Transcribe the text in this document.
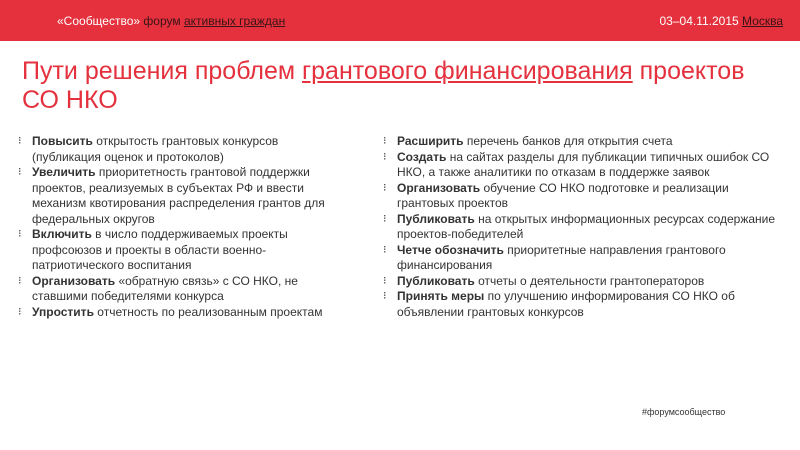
«Сообщество» форум активных граждан	03–04.11.2015 Москва
Пути решения проблем грантового финансирования проектов СО НКО
⁝ Повысить открытость грантовых конкурсов (публикация оценок и протоколов)
⁝ Увеличить приоритетность грантовой поддержки проектов, реализуемых в субъектах РФ и ввести механизм квотирования распределения грантов для федеральных округов
⁝ Включить в число поддерживаемых проекты профсоюзов и проекты в области военно-патриотического воспитания
⁝ Организовать «обратную связь» с СО НКО, не ставшими победителями конкурса
⁝ Упростить отчетность по реализованным проектам
⁝ Расширить перечень банков для открытия счета
⁝ Создать на сайтах разделы для публикации типичных ошибок СО НКО, а также аналитики по отказам в поддержке заявок
⁝ Организовать обучение СО НКО подготовке и реализации грантовых проектов
⁝ Публиковать на открытых информационных ресурсах содержание проектов-победителей
⁝ Четче обозначить приоритетные направления грантового финансирования
⁝ Публиковать отчеты о деятельности грантоператоров
⁝ Принять меры по улучшению информирования СО НКО об объявлении грантовых конкурсов
#форумсообщество
